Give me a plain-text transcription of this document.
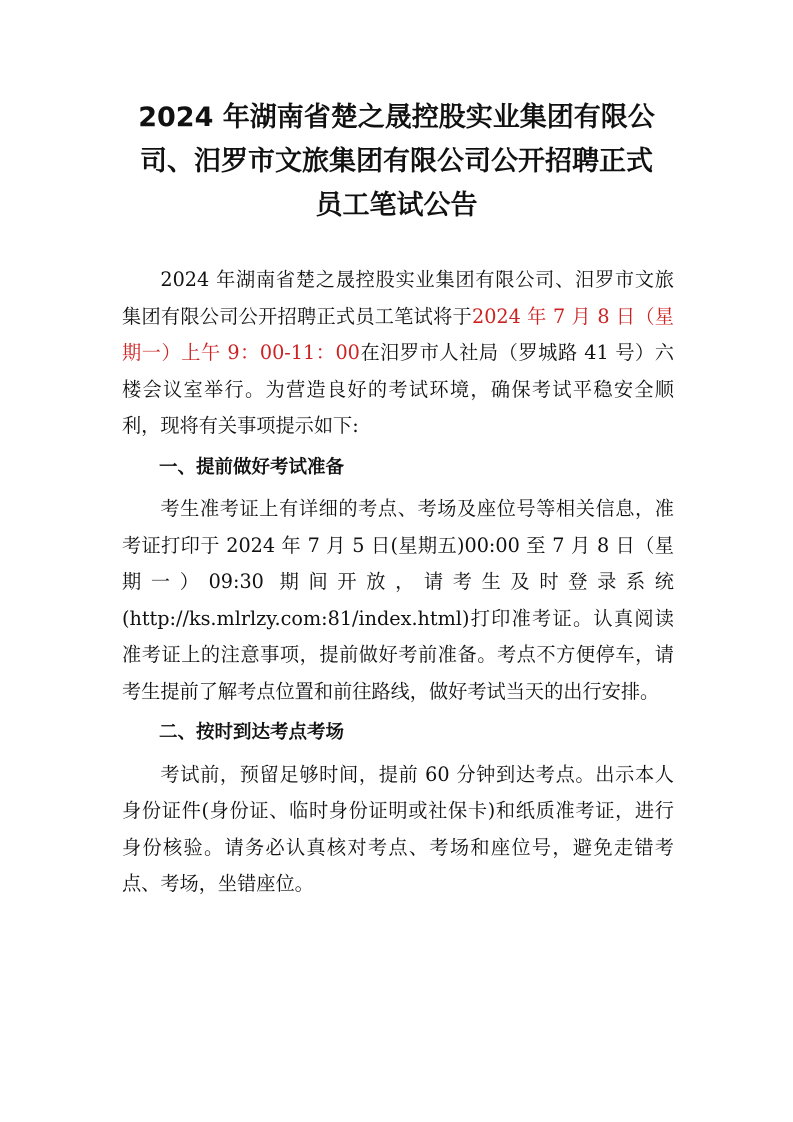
2024 年湖南省楚之晟控股实业集团有限公
司、汨罗市文旅集团有限公司公开招聘正式
员工笔试公告

2024 年湖南省楚之晟控股实业集团有限公司、汨罗市文旅集团有限公司公开招聘正式员工笔试将于2024 年 7 月 8 日（星期一）上午 9：00-11：00在汨罗市人社局（罗城路 41 号）六楼会议室举行。为营造良好的考试环境，确保考试平稳安全顺利，现将有关事项提示如下:

一、提前做好考试准备

考生准考证上有详细的考点、考场及座位号等相关信息，准考证打印于 2024 年 7 月 5 日(星期五)00:00 至 7 月 8 日（星期一）09:30 期间开放，请考生及时登录系统(http://ks.mlrlzy.com:81/index.html)打印准考证。认真阅读准考证上的注意事项，提前做好考前准备。考点不方便停车，请考生提前了解考点位置和前往路线，做好考试当天的出行安排。

二、按时到达考点考场

考试前，预留足够时间，提前 60 分钟到达考点。出示本人身份证件(身份证、临时身份证明或社保卡)和纸质准考证，进行身份核验。请务必认真核对考点、考场和座位号，避免走错考点、考场，坐错座位。
